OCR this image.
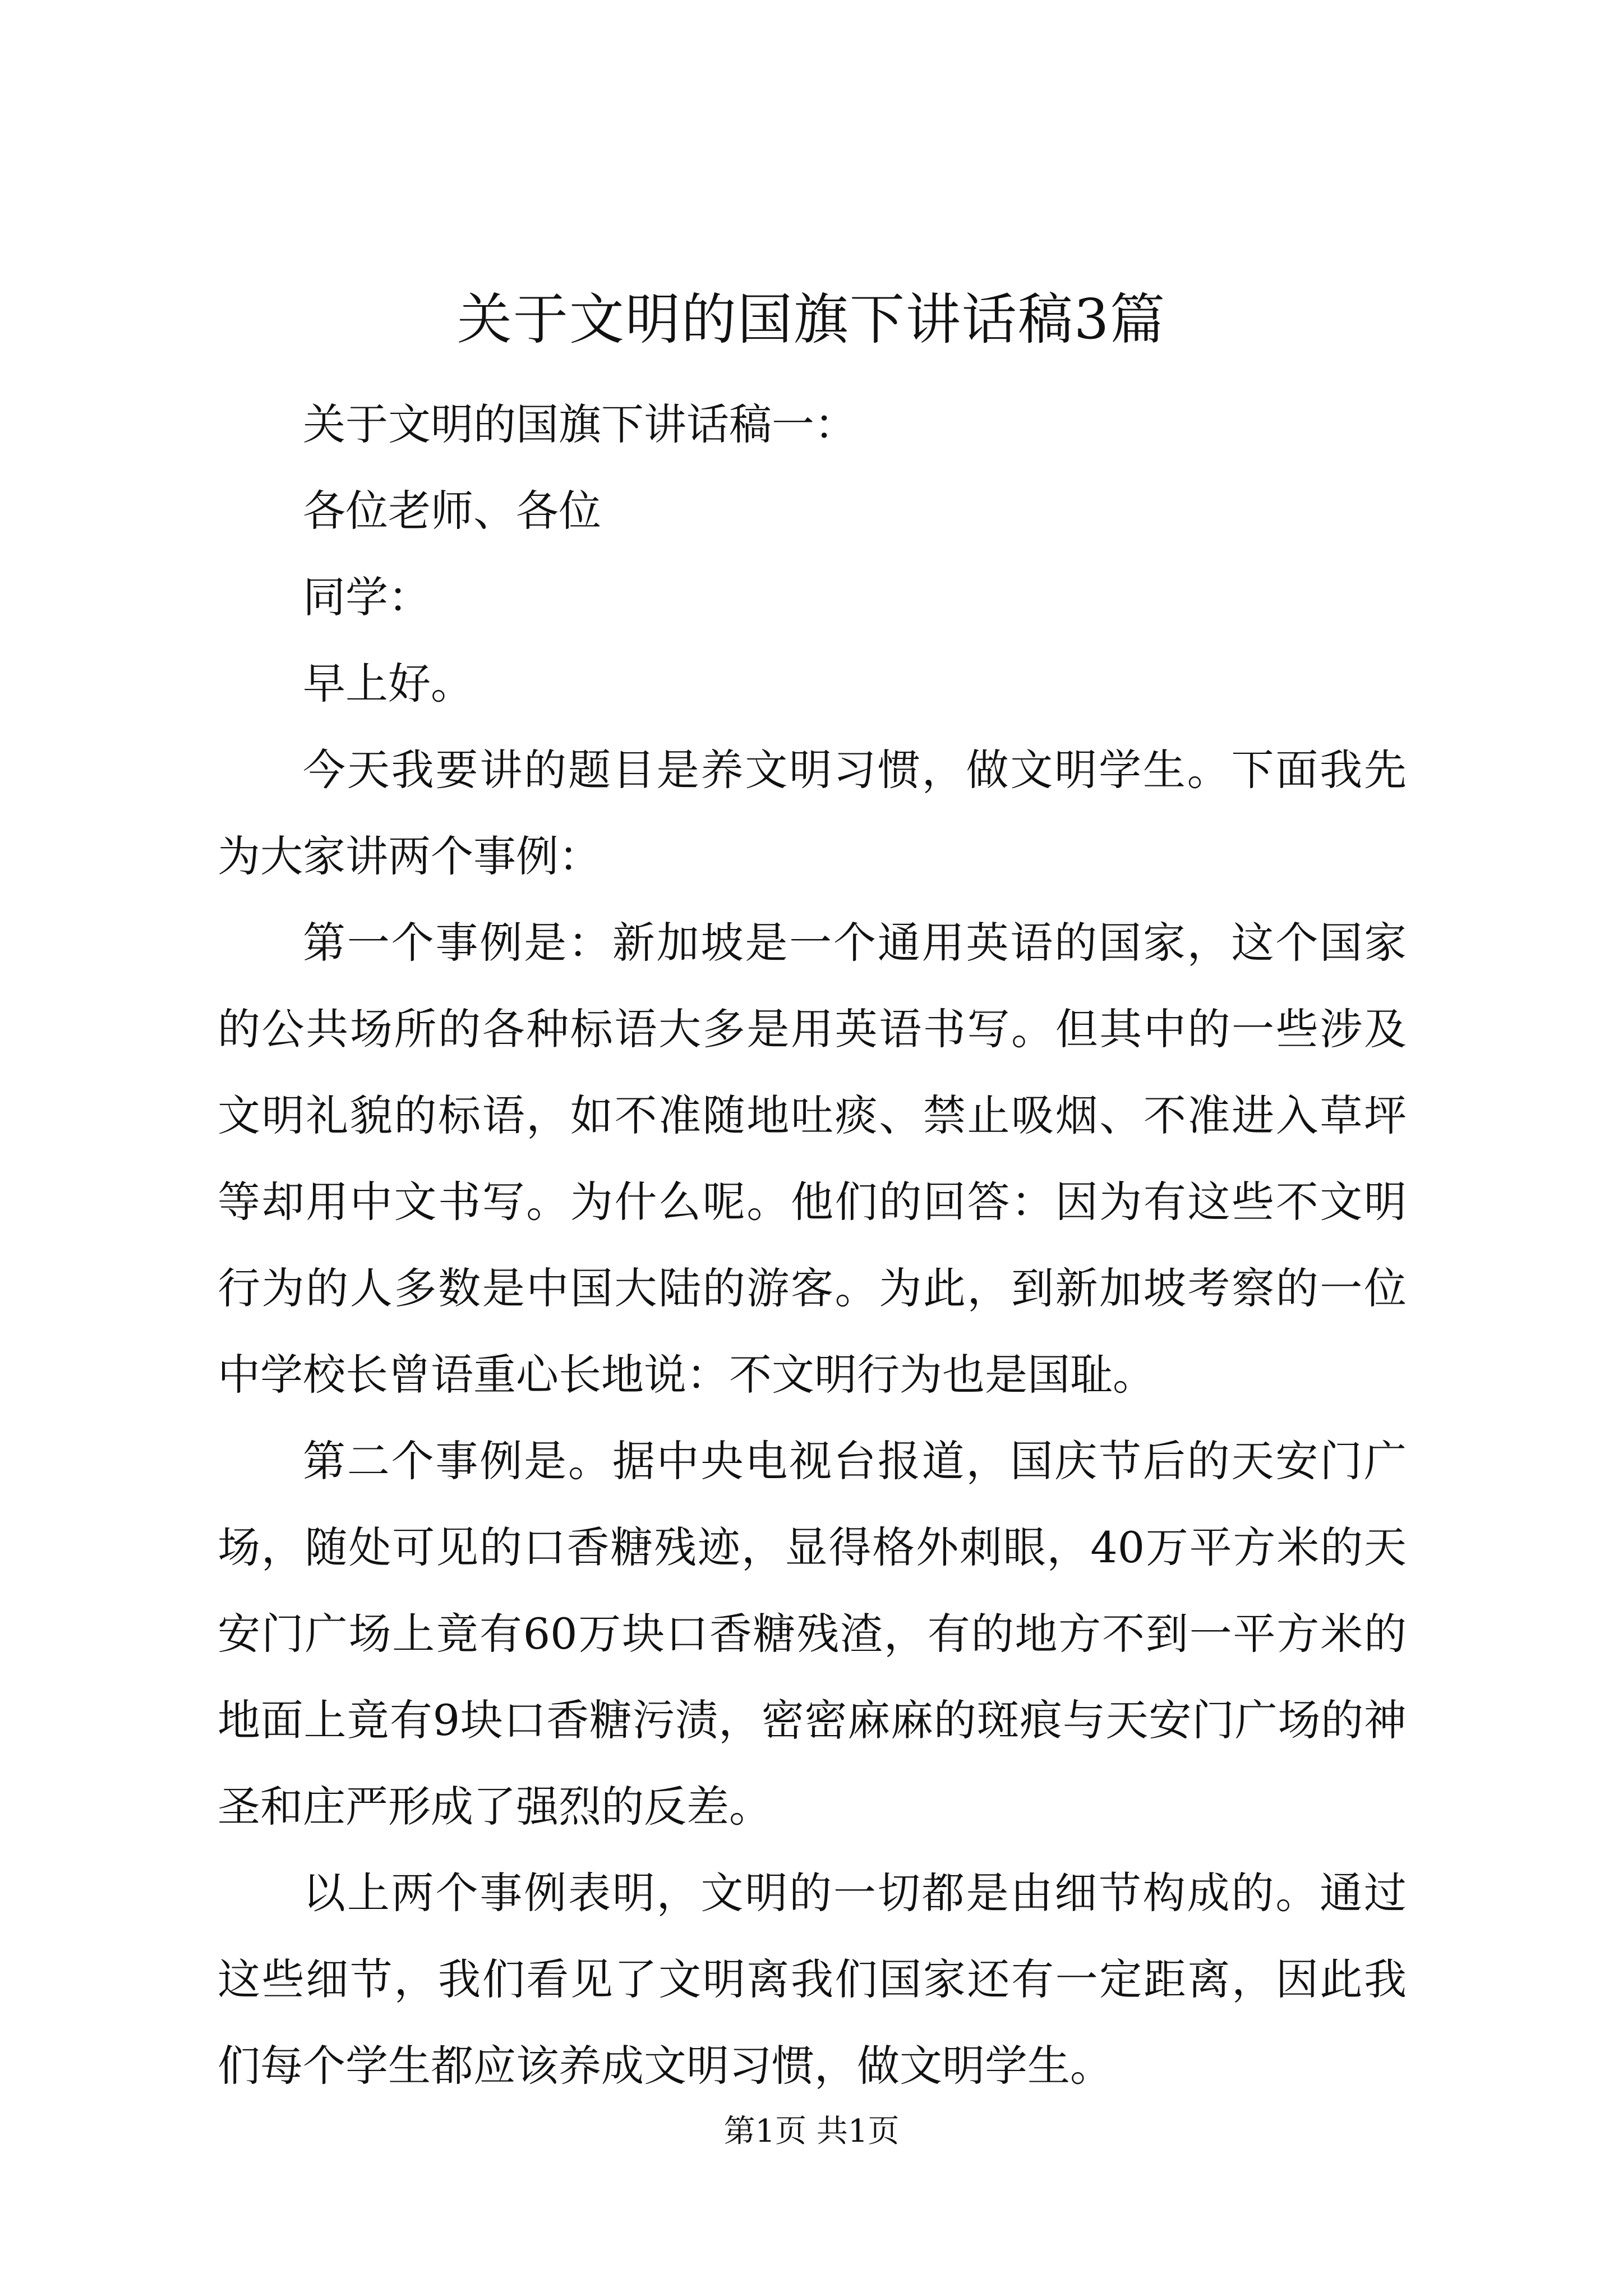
关于文明的国旗下讲话稿3篇

关于文明的国旗下讲话稿一：

各位老师、各位

同学：

早上好。

今天我要讲的题目是养文明习惯，做文明学生。下面我先为大家讲两个事例：

第一个事例是：新加坡是一个通用英语的国家，这个国家的公共场所的各种标语大多是用英语书写。但其中的一些涉及文明礼貌的标语，如不准随地吐痰、禁止吸烟、不准进入草坪等却用中文书写。为什么呢。他们的回答：因为有这些不文明行为的人多数是中国大陆的游客。为此，到新加坡考察的一位中学校长曾语重心长地说：不文明行为也是国耻。

第二个事例是。据中央电视台报道，国庆节后的天安门广场，随处可见的口香糖残迹，显得格外刺眼，40万平方米的天安门广场上竟有60万块口香糖残渣，有的地方不到一平方米的地面上竟有9块口香糖污渍，密密麻麻的斑痕与天安门广场的神圣和庄严形成了强烈的反差。

以上两个事例表明，文明的一切都是由细节构成的。通过这些细节，我们看见了文明离我们国家还有一定距离，因此我们每个学生都应该养成文明习惯，做文明学生。

第1页 共1页
